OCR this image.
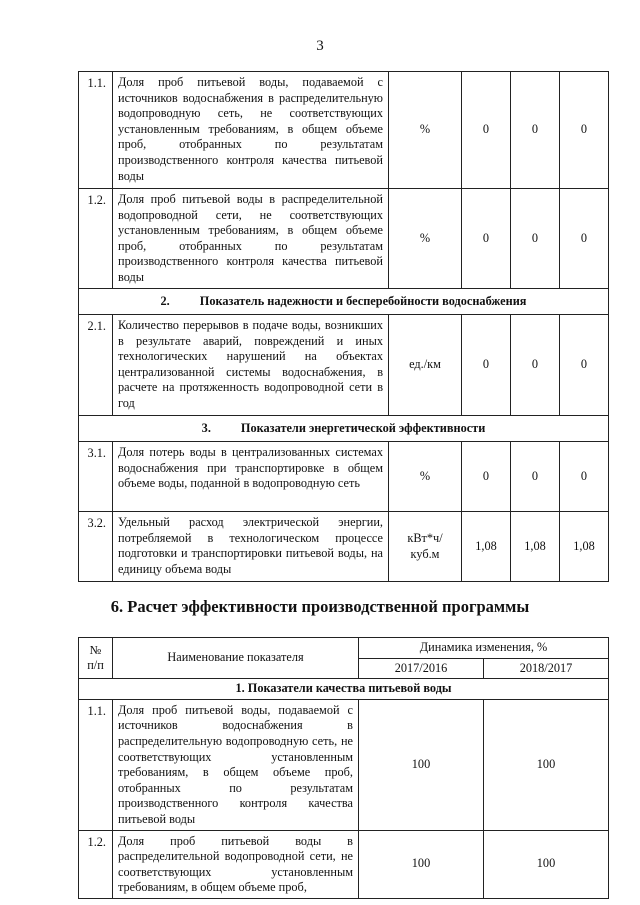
3
1.1.	Доля проб питьевой воды, подаваемой с источников водоснабжения в распределительную водопроводную сеть, не соответствующих установленным требованиям, в общем объеме проб, отобранных по результатам производственного контроля качества питьевой воды	%	0	0	0
1.2.	Доля проб питьевой воды в распределительной водопроводной сети, не соответствующих установленным требованиям, в общем объеме проб, отобранных по результатам производственного контроля качества питьевой воды	%	0	0	0
2. Показатель надежности и бесперебойности водоснабжения					
2.1.	Количество перерывов в подаче воды, возникших в результате аварий, повреждений и иных технологических нарушений на объектах централизованной системы водоснабжения, в расчете на протяженность водопроводной сети в год	ед./км	0	0	0
3. Показатели энергетической эффективности					
3.1.	Доля потерь воды в централизованных системах водоснабжения при транспортировке в общем объеме воды, поданной в водопроводную сеть	%	0	0	0
3.2.	Удельный расход электрической энергии, потребляемой в технологическом процессе подготовки и транспортировки питьевой воды, на единицу объема воды	кВт*ч/ куб.м	1,08	1,08	1,08
6. Расчет эффективности производственной программы
№ п/п	Наименование показателя	Динамика изменения, %	
		2017/2016	2018/2017
1. Показатели качества питьевой воды			
1.1.	Доля проб питьевой воды, подаваемой с источников водоснабжения в распределительную водопроводную сеть, не соответствующих установленным требованиям, в общем объеме проб, отобранных по результатам производственного контроля качества питьевой воды	100	100
1.2.	Доля проб питьевой воды в распределительной водопроводной сети, не соответствующих установленным требованиям, в общем объеме проб,	100	100
